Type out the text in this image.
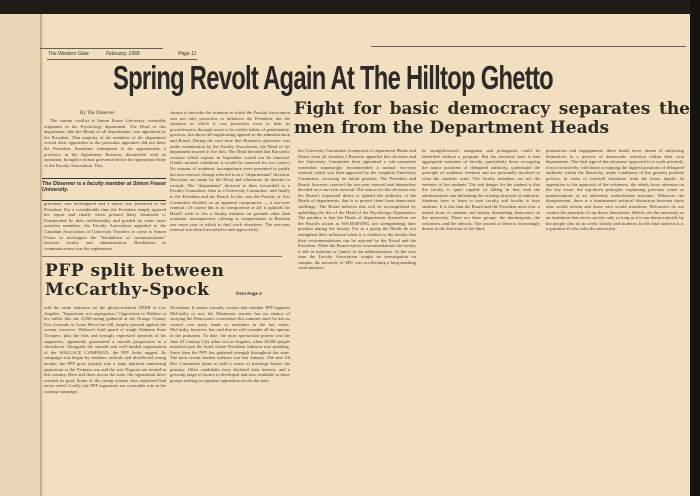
The Western Gate	February, 1968	Page 11
Spring Revolt Again At The Hilltop Ghetto
Fight for basic democracy separates the men from the Department Heads
By The Observer

The current conflict at Simon Fraser University ostensibly originates in the Psychology department. The Head of this department, like the Heads of all departments, was appointed by the President. That majority of the members of the department voiced their opposition to the particular appointee did not deter the President. Sometime subsequent to the appointment, a professor in the department Burstein, dissatisfied with its operation, brought a formal grievance before the appropriate body of the Faculty Association. This

The Observer is a faculty member at Simon Fraser University.

grievance was investigated and a report was presented to the President. For a considerable time the President simply ignored the report and finally when pressed flatly dismissed it. Exasperated by their ineffectuality and goaded by some more assertive members, the Faculty Association appealed to the Canadian Association of University Teachers to come to Simon Fraser to investigate the "breakdown of communications" between faculty and administration. Breakdown in communications was the euphemism

chosen to describe the situation in which the Faculty Association was not only powerless to influence the President, but the situation in which it was powerless even to hide its powerlessness through resort to its earlier habits of gentlemanly, gracious, but above all supplicating appeals to the administration and Board. During the very time that Burstein's grievance was under examination by the Faculty Association, the Head of his department moved to fire him. The Head decided that Burstein's contract which expires in September would not be renewed. (Under normal conditions it would be renewed for two years.) No reasons of academic incompetence were presented to justify the non-renewal, though referred to as a "departmental" decision. Decisions are made by the Head and whomever he decides to consult. The "department" decision is then forwarded to a Faculty Committee, then to a University Committee, and finally to the President and the Board. In this case the Faculty of Arts Committee decided on an apparent compromise — a one-year renewal. Of course this is no compromise at all: it upholds the Head's wish to fire a faculty member on grounds other than academic incompetence, offering as compensation to Burstein one more year in which to find work elsewhere. The one-year renewal was then forwarded to and approved by

the University Committee (composed of department Heads and Deans from all faculties.) Burstein appealed this decision and the University Committee then appointed a sub-committee somewhat surprisingly recommended a normal two-year renewal which was then approved by the complete University Committee, reversing its initial position. The President and Board, however, rejected the two-year renewal and themselves decided on a one-year renewal. The reason for this decision was the Board's expressed desire to uphold the authority of the Heads of departments, that is to protect them from democratic challenge. The Board believes this will be accomplished by upholding the fiat of the Head of the Psychology Department. The paradox is that the Heads of departments themselves see the Board's action as WEAKENING not strengthening their position among the faculty. For as a group the Heads do not strengthen their influence when it is evident to the faculty that their recommendations can be rejected by the Board and the President. When the Board rejects recommendations the faculty is left in isolation or 'junior' to the administration. At the very time the Faculty Association sought an investigation on campus, the notoriety of SFU was accelerating a long-standing confrontation.

be straightforward; antagonist and protagonist could be identified without a program. But the necessity here is that aggregated members of faculty, particularly those occupying the major positions of delegated authority, understand the principle of academic freedom and are personally involved in what the students want. The faculty members are not the enemies of the students. The real danger for the student is that the faculty is quite capable of falling in line with the administration and defending the existing structure of authority. Students have to learn to trust faculty and faculty to trust students. It is this that the Board and the President most fear: a united front of students and faculty demanding democracy in the university. There are three groups: the intransigents, the reformers, and the radicals. The second of these is increasingly drawn in the direction of the third.

promotions and engagements: these heads never dream of subjecting themselves to a process of democratic selection within their own departments. The final sign of the reformers' approach is to work privately, if not exclusively, with those occupying the highest positions of delegated authority within the hierarchy, under conditions of the greatest possible privacy, in order to forestall initiatives from the lower depths. In opposition to the approach of the reformers, the rebels focus attention on the key issue, the top-down principle, explaining previous crises as manifestations of an inherently authoritarian structure. Whatever the disagreement, there is a fundamental political distinction between those who would reform and those who would transform. Reformers do not contest the principle of top-down hierarchies. Rebels see the university as an institution that serves society only so long as it is run democratically by the people who do its work: faculty and students. In the final analysis it is a question of who rules the university.

PFP split between
McCarthy-Spock	from Page 2

told the radio audience on the ghetto-oriented XERB in Los Angeles. "Separation, not segregation." Opposition to Wallace at his rallies like the 2,000-strong gathered at the Orange County Fair Grounds in Costa Mesa last fall, largely pressed against the racism, however. Wallace's bold guard of tough Alabama State Troopers, plus the fists and strongly expressed opinions of his supporters, apparently guaranteed a smooth progression to a showdown. Alongside the smooth and well-funded organization of the WALLACE CAMPAIGN, the PFP looks ragged. Its campaign was begun by students, radicals and disaffected young people, the PFP grew quickly into a large platform embracing opposition to the Vietnam war and the way Negroes are treated in this country. Here and there across the state, the registration drive reached its goal. Some of the young women who registered had never voted. Coolly, the PFP organizers see a possible role in the coming campaign.

November. It seems virtually certain that whether PFP supports McCarthy or not, the Minnesota senator has no chance of swaying the Democratic convention this summer since he has no control over party funds or machines in the key states. McCarthy, however, has said that he will consider all his options in the primaries. To date, the most spectacular protest was the June 23 Century City affair in Los Angeles, when 10,000 people marched past the hotel where President Johnson was speaking. Since then the PFP has gathered strength throughout the state. The most recent student walkout was last January. The new Ad Hoc Committee plans to hold a series of meetings before the primary. Other candidates have declared their interest, and a growing range of tactics is developed and now available to those groups seeking to organize opposition across the state.
